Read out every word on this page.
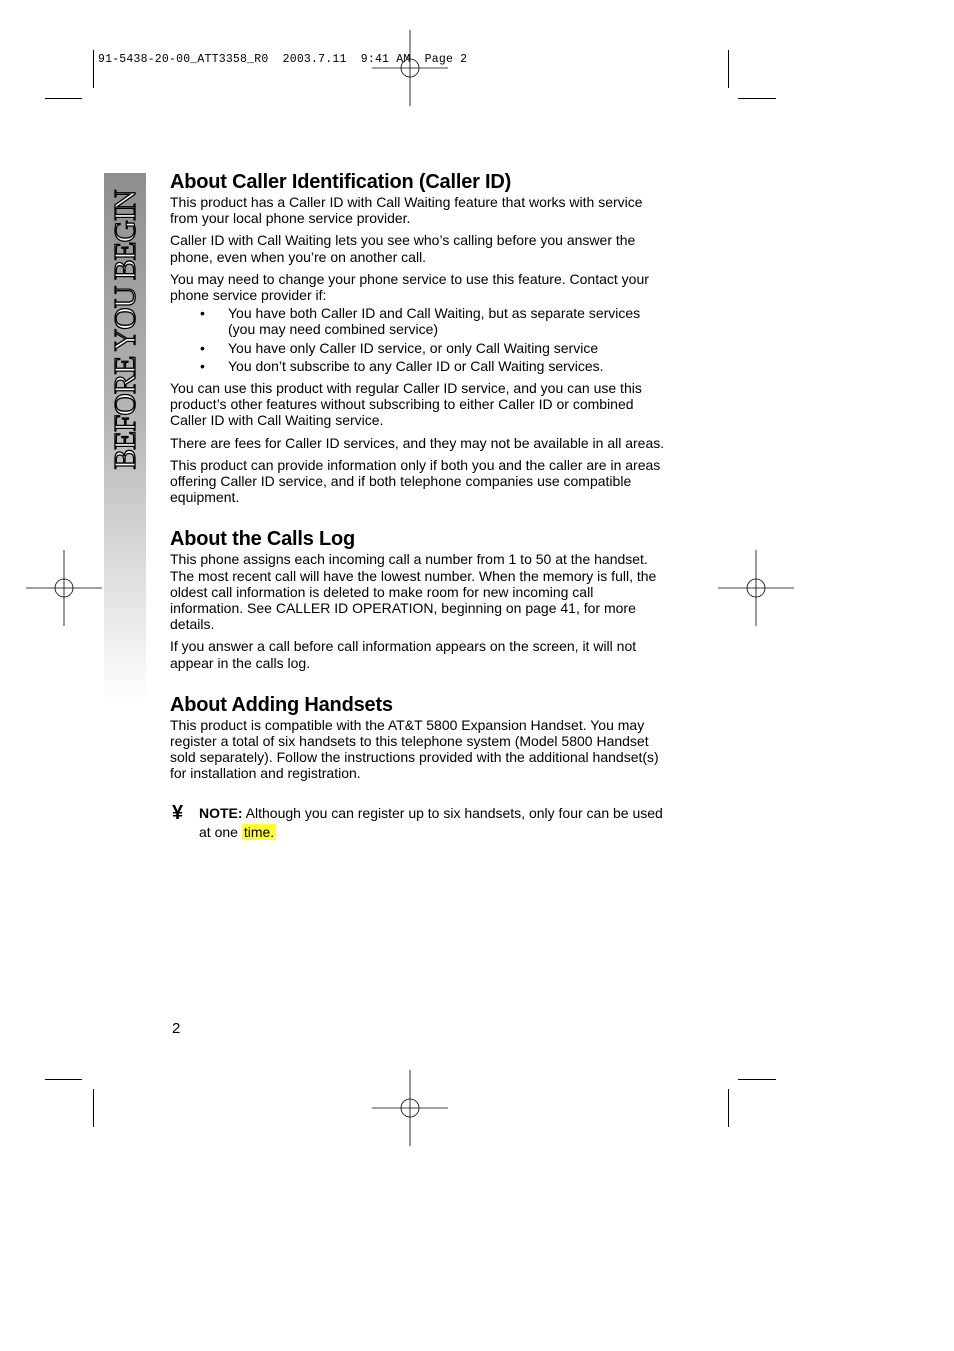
91-5438-20-00_ATT3358_R0  2003.7.11  9:41 AM  Page 2
BEFORE YOU BEGIN
About Caller Identification (Caller ID)

This product has a Caller ID with Call Waiting feature that works with service from your local phone service provider.

Caller ID with Call Waiting lets you see who’s calling before you answer the phone, even when you’re on another call.

You may need to change your phone service to use this feature. Contact your phone service provider if:

• You have both Caller ID and Call Waiting, but as separate services (you may need combined service)
• You have only Caller ID service, or only Call Waiting service
• You don’t subscribe to any Caller ID or Call Waiting services.

You can use this product with regular Caller ID service, and you can use this product’s other features without subscribing to either Caller ID or combined Caller ID with Call Waiting service.

There are fees for Caller ID services, and they may not be available in all areas.

This product can provide information only if both you and the caller are in areas offering Caller ID service, and if both telephone companies use compatible equipment.

About the Calls Log

This phone assigns each incoming call a number from 1 to 50 at the handset. The most recent call will have the lowest number. When the memory is full, the oldest call information is deleted to make room for new incoming call information. See CALLER ID OPERATION, beginning on page 41, for more details.

If you answer a call before call information appears on the screen, it will not appear in the calls log.

About Adding Handsets

This product is compatible with the AT&T 5800 Expansion Handset. You may register a total of six handsets to this telephone system (Model 5800 Handset sold separately). Follow the instructions provided with the additional handset(s) for installation and registration.

¥ NOTE: Although you can register up to six handsets, only four can be used at one time.
2
